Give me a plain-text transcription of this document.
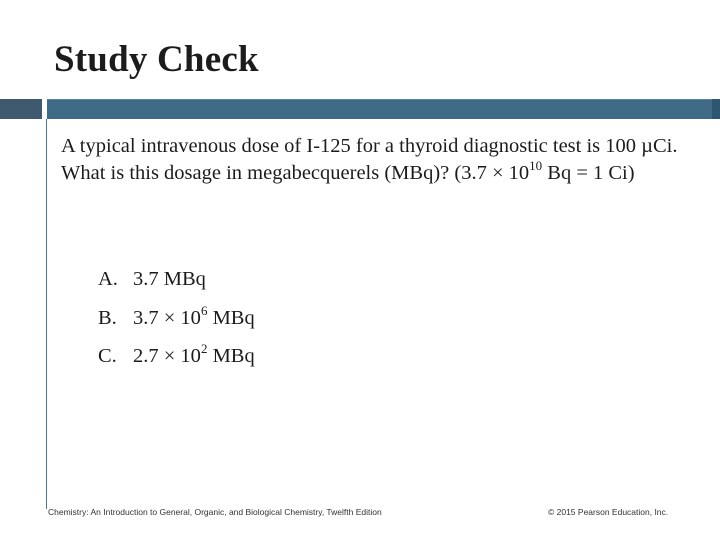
Study Check
A typical intravenous dose of I-125 for a thyroid diagnostic test is 100 µCi. What is this dosage in megabecquerels (MBq)? ($3.7 \times 10^{10}$ Bq = 1 Ci)
A. 3.7 MBq
B. $3.7 \times 10^6$ MBq
C. $2.7 \times 10^2$ MBq
Chemistry: An Introduction to General, Organic, and Biological Chemistry, Twelfth Edition	© 2015 Pearson Education, Inc.
